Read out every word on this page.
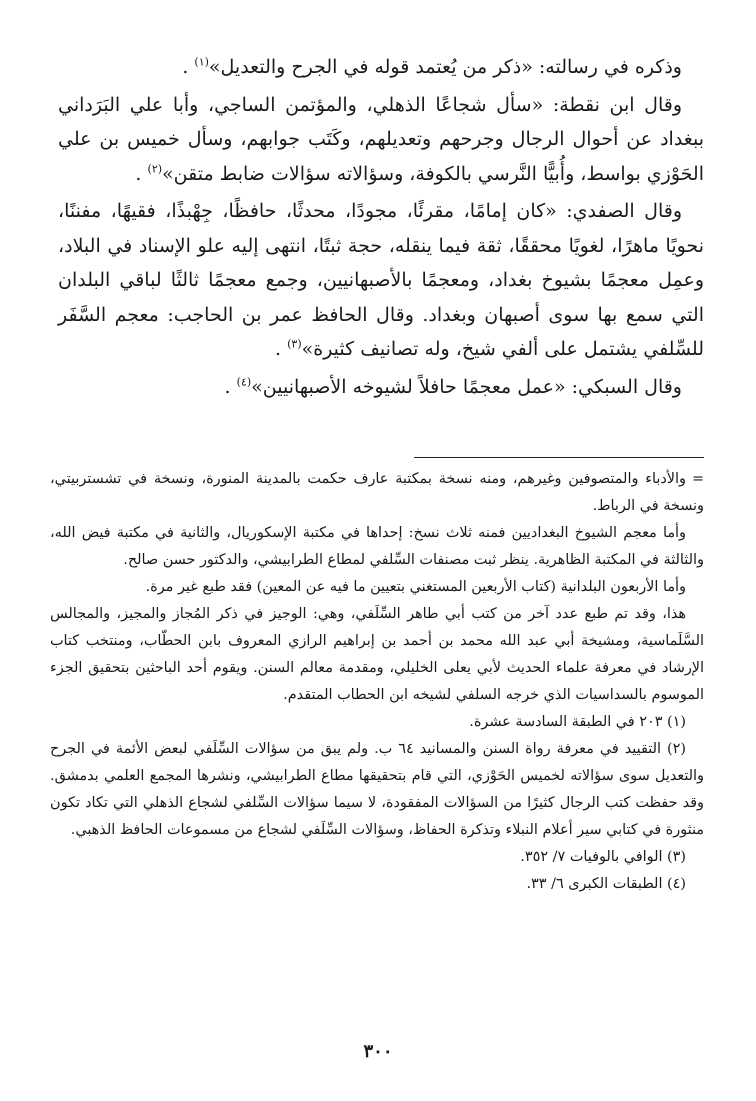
وذكره في رسالته: «ذكر من يُعتمد قوله في الجرح والتعديل»$^{(١)}$ .

وقال ابن نقطة: «سأل شجاعًا الذهلي، والمؤتمن الساجي، وأبا علي البَرَداني ببغداد عن أحوال الرجال وجرحهم وتعديلهم، وكَتَب جوابهم، وسأل خميس بن علي الحَوْزي بواسط، وأُبيًّا النَّرسي بالكوفة، وسؤالاته سؤالات ضابط متقن»$^{(٢)}$ .

وقال الصفدي: «كان إمامًا، مقرئًا، مجودًا، محدثًا، حافظًا، جِهْبذًا، فقيهًا، مفننًا، نحويًا ماهرًا، لغويًا محققًا، ثقة فيما ينقله، حجة ثبتًا، انتهى إليه علو الإسناد في البلاد، وعمِل معجمًا بشيوخ بغداد، ومعجمًا بالأصبهانيين، وجمع معجمًا ثالثًا لباقي البلدان التي سمع بها سوى أصبهان وبغداد. وقال الحافظ عمر بن الحاجب: معجم السَّفَر للسِّلفي يشتمل على ألفي شيخ، وله تصانيف كثيرة»$^{(٣)}$ .

وقال السبكي: «عمل معجمًا حافلاً لشيوخه الأصبهانيين»$^{(٤)}$ .

=والأدباء والمتصوفين وغيرهم، ومنه نسخة بمكتبة عارف حكمت بالمدينة المنورة، ونسخة في تشستربيتي، ونسخة في الرباط.

وأما معجم الشيوخ البغداديين فمنه ثلاث نسخ: إحداها في مكتبة الإسكوريال، والثانية في مكتبة فيض الله، والثالثة في المكتبة الظاهرية. ينظر ثبت مصنفات السِّلفي لمطاع الطرابيشي، والدكتور حسن صالح.

وأما الأربعون البلدانية (كتاب الأربعين المستغني بتعيين ما فيه عن المعين) فقد طبع غير مرة.

هذا، وقد تم طبع عدد آخر من كتب أبي طاهر السِّلَفي، وهي: الوجيز في ذكر المُجاز والمجيز، والمجالس السَّلَماسية، ومشيخة أبي عبد الله محمد بن أحمد بن إبراهيم الرازي المعروف بابن الحطّاب، ومنتخب كتاب الإرشاد في معرفة علماء الحديث لأبي يعلى الخليلي، ومقدمة معالم السنن. ويقوم أحد الباحثين بتحقيق الجزء الموسوم بالسداسيات الذي خرجه السلفي لشيخه ابن الحطاب المتقدم.

(١) ٢٠٣ في الطبقة السادسة عشرة.

(٢) التقييد في معرفة رواة السنن والمسانيد ٦٤ ب. ولم يبق من سؤالات السِّلَفي لبعض الأئمة في الجرح والتعديل سوى سؤالاته لخميس الحَوْزي، التي قام بتحقيقها مطاع الطرابيشي، ونشرها المجمع العلمي بدمشق. وقد حفظت كتب الرجال كثيرًا من السؤالات المفقودة، لا سيما سؤالات السِّلفي لشجاع الذهلي التي تكاد تكون منثورة في كتابي سير أعلام النبلاء وتذكرة الحفاظ، وسؤالات السِّلَفي لشجاع من مسموعات الحافظ الذهبي.

(٣) الوافي بالوفيات ٧/ ٣٥٢.

(٤) الطبقات الكبرى ٦/ ٣٣.

٣٠٠
